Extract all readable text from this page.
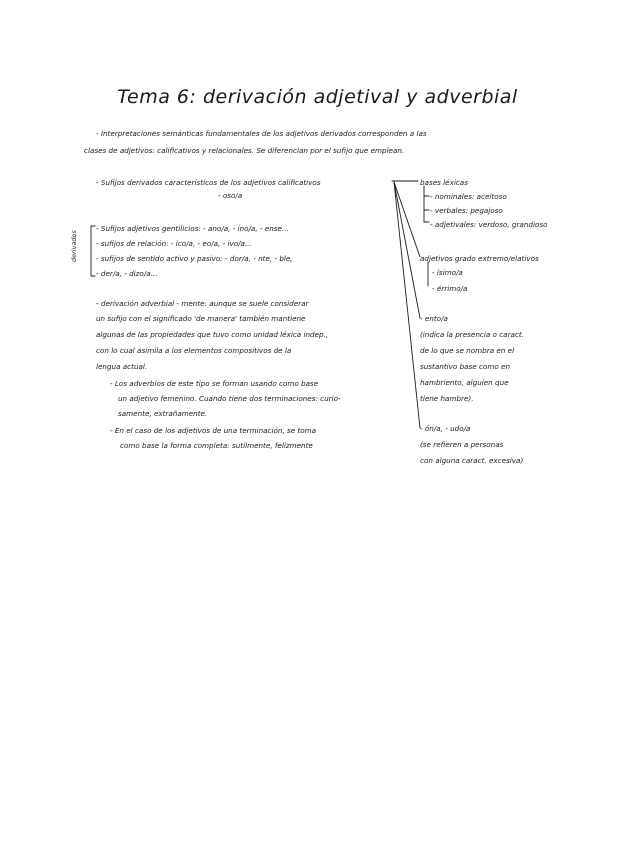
Tema 6: derivación adjetival y adverbial
- Interpretaciones semánticas fundamentales de los adjetivos derivados corresponden a las
clases de adjetivos: calificativos y relacionales. Se diferencian por el sufijo que emplean.
- Sufijos derivados característicos de los adjetivos calificativos
- oso/a
bases léxicas
- nominales: aceitoso
- verbales: pegajoso
- adjetivales: verdoso, grandioso
derivados
- Sufijos adjetivos gentilicios: - ano/a, - ino/a, - ense...
- sufijos de relación: - ico/a, - eo/a, - ivo/a...
- sufijos de sentido activo y pasivo: - dor/a, - nte, - ble,
- der/a, - dizo/a...
adjetivos grado extremo/elativos
- ísimo/a
- érrimo/a
- derivación adverbial - mente: aunque se suele considerar
un sufijo con el significado 'de manera' también mantiene
algunas de las propiedades que tuvo como unidad léxica indep.,
con lo cual asimila a los elementos compositivos de la
lengua actual.
- Los adverbios de este tipo se forman usando como base
un adjetivo femenino. Cuando tiene dos terminaciones: curio-
samente, extrañamente.
- En el caso de los adjetivos de una terminación, se toma
como base la forma completa: sutilmente, felizmente
- ento/a
(indica la presencia o caract.
de lo que se nombra en el
sustantivo base como en
hambriento, alguien que
tiene hambre).
- ón/a, - udo/a
(se refieren a personas
con alguna caract. excesiva)
